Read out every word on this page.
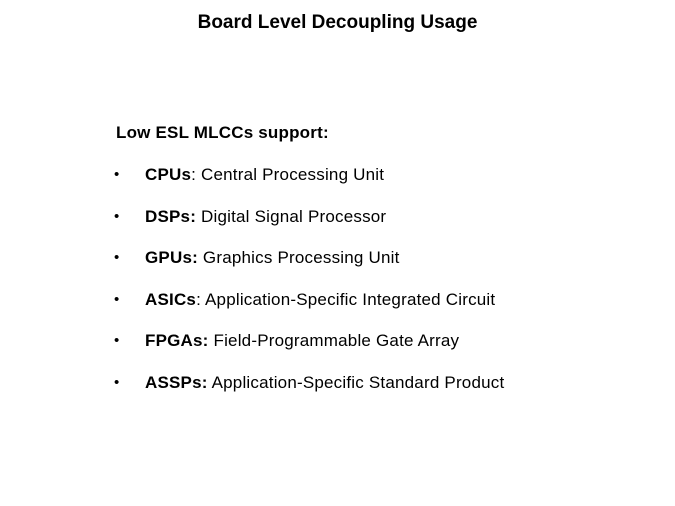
Board Level Decoupling Usage
Low ESL MLCCs support:
• CPUs: Central Processing Unit
• DSPs: Digital Signal Processor
• GPUs: Graphics Processing Unit
• ASICs: Application-Specific Integrated Circuit
• FPGAs: Field-Programmable Gate Array
• ASSPs: Application-Specific Standard Product
